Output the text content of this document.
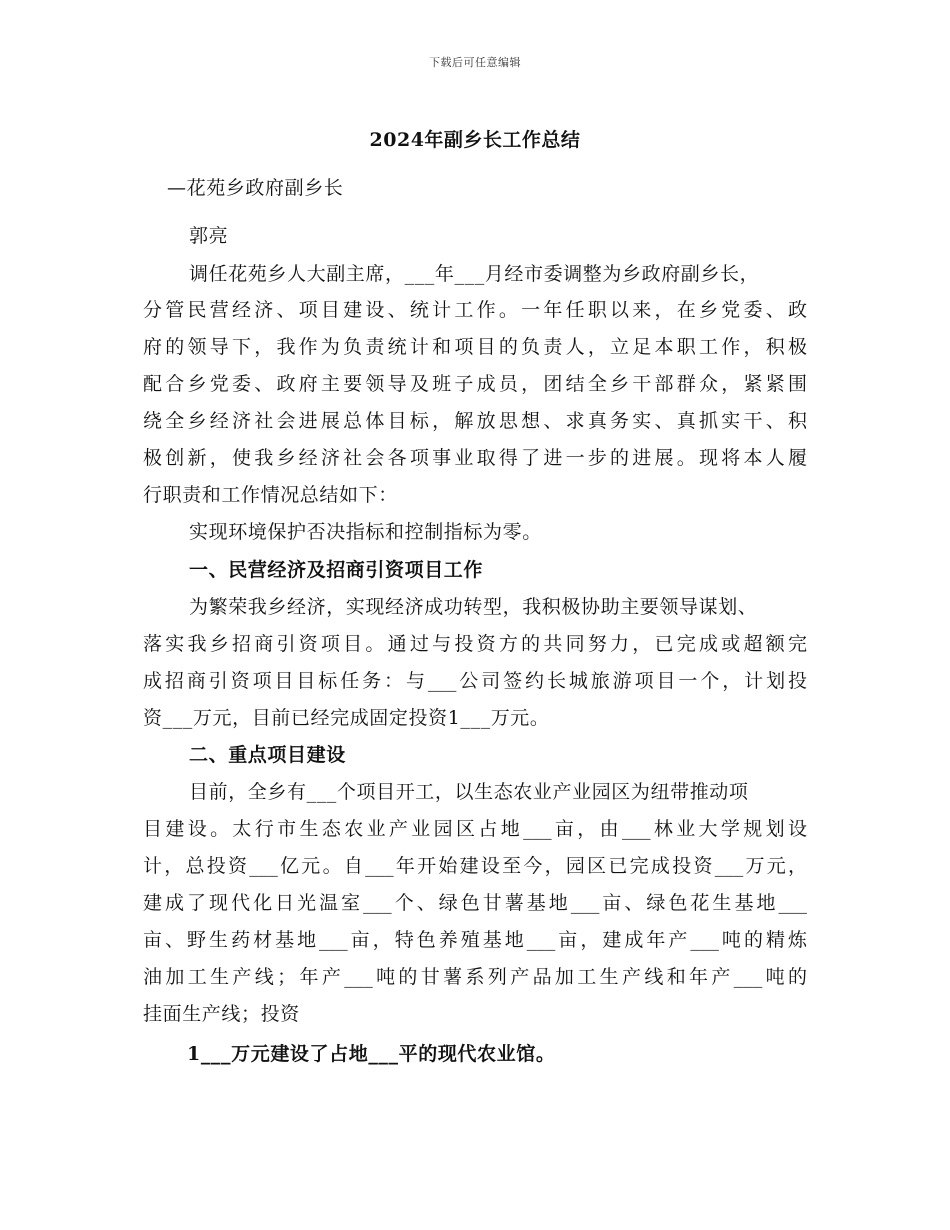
下载后可任意编辑
2024年副乡长工作总结
—花苑乡政府副乡长
郭亮
调任花苑乡人大副主席，___年___月经市委调整为乡政府副乡长，
分管民营经济、项目建设、统计工作。一年任职以来，在乡党委、政
府的领导下，我作为负责统计和项目的负责人，立足本职工作，积极
配合乡党委、政府主要领导及班子成员，团结全乡干部群众，紧紧围
绕全乡经济社会进展总体目标，解放思想、求真务实、真抓实干、积
极创新，使我乡经济社会各项事业取得了进一步的进展。现将本人履
行职责和工作情况总结如下：
实现环境保护否决指标和控制指标为零。
一、民营经济及招商引资项目工作
为繁荣我乡经济，实现经济成功转型，我积极协助主要领导谋划、
落实我乡招商引资项目。通过与投资方的共同努力，已完成或超额完
成招商引资项目目标任务：与___公司签约长城旅游项目一个，计划投
资___万元，目前已经完成固定投资1___万元。
二、重点项目建设
目前，全乡有___个项目开工，以生态农业产业园区为纽带推动项
目建设。太行市生态农业产业园区占地___亩，由___林业大学规划设
计，总投资___亿元。自___年开始建设至今，园区已完成投资___万元，
建成了现代化日光温室___个、绿色甘薯基地___亩、绿色花生基地___
亩、野生药材基地___亩，特色养殖基地___亩，建成年产___吨的精炼
油加工生产线；年产___吨的甘薯系列产品加工生产线和年产___吨的
挂面生产线；投资
1___万元建设了占地___平的现代农业馆。
